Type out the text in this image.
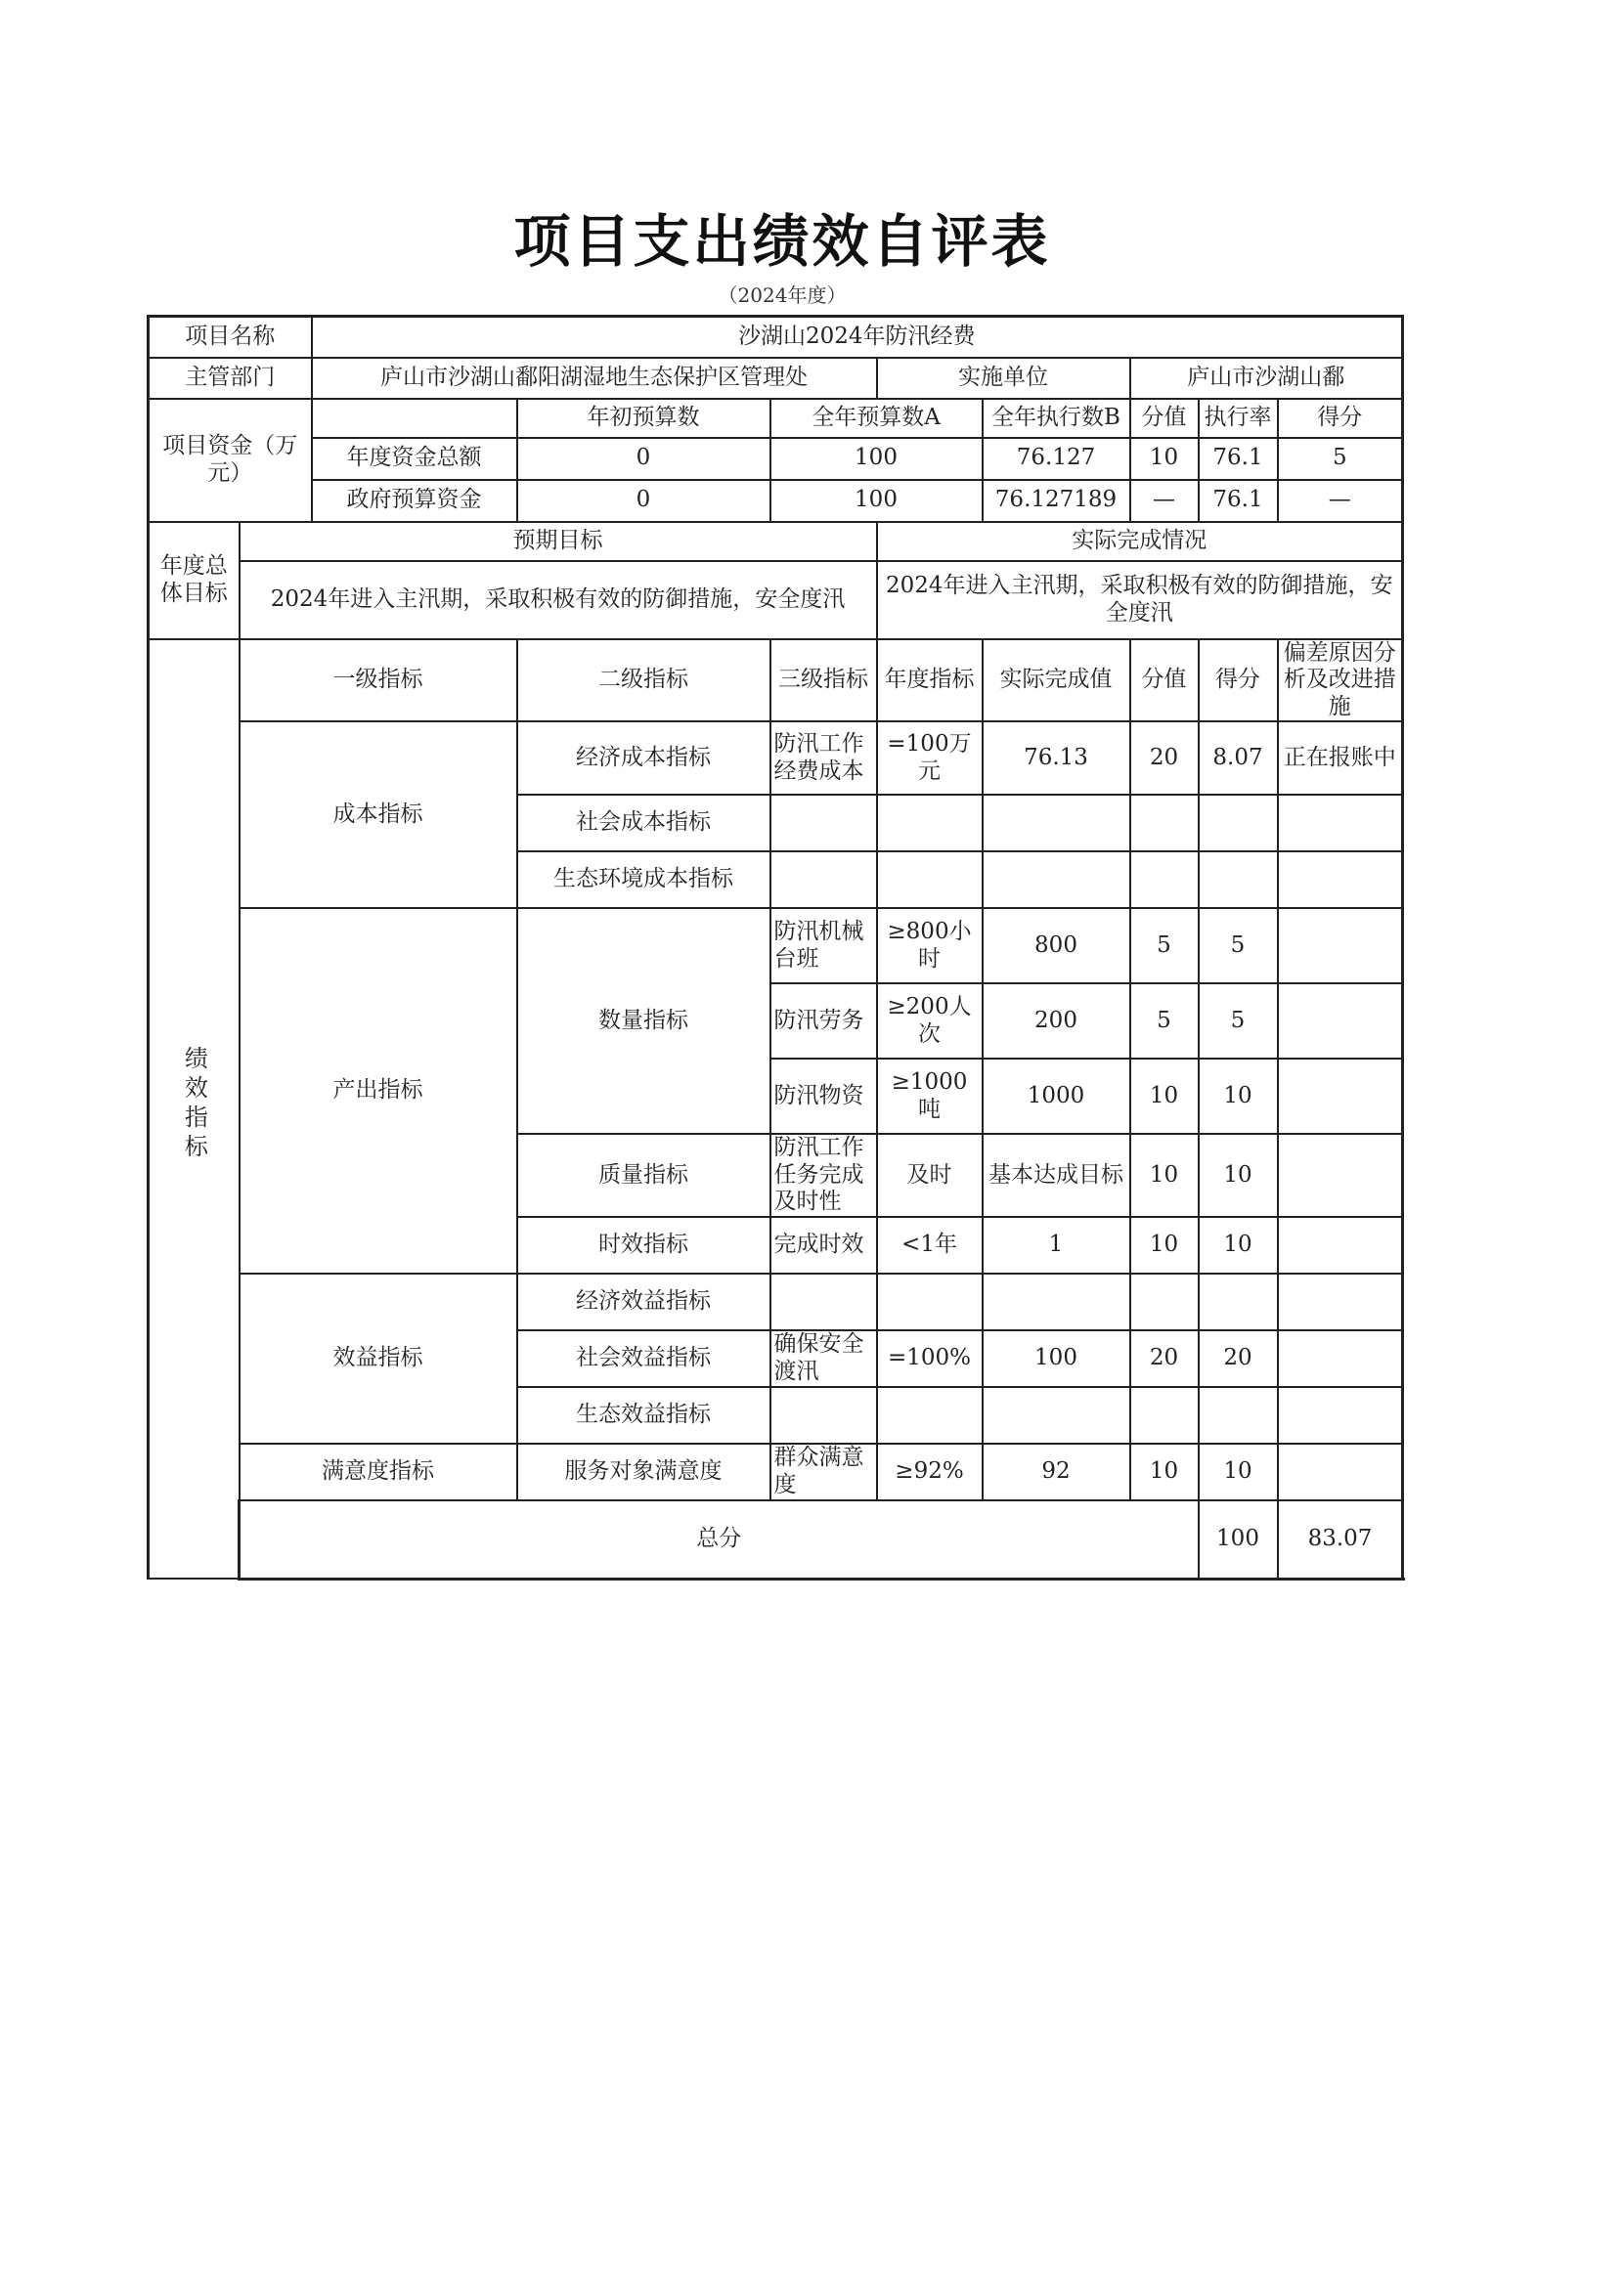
项目支出绩效自评表
（2024年度）
项目名称		沙湖山2024年防汛经费								
主管部门		庐山市沙湖山鄱阳湖湿地生态保护区管理处			实施单位		庐山市沙湖山鄱			
项目资金（万元）			年初预算数	全年预算数A		全年执行数B	分值	执行率	得分	
		年度资金总额	0	100		76.127	10	76.1	5	
		政府预算资金	0	100		76.127189	—	76.1	—	
年度总体目标	预期目标				实际完成情况					
	2024年进入主汛期，采取积极有效的防御措施，安全度汛				2024年进入主汛期，采取积极有效的防御措施，安全度汛					
绩效指标	一级指标		二级指标	三级指标	年度指标	实际完成值	分值	得分	偏差原因分析及改进措施	
	成本指标		经济成本指标	防汛工作经费成本	=100万元	76.13	20	8.07	正在报账中	
			社会成本指标							
			生态环境成本指标							
	产出指标		数量指标	防汛机械台班	≥800小时	800	5	5		
				防汛劳务	≥200人次	200	5	5		
				防汛物资	≥1000吨	1000	10	10		
			质量指标	防汛工作任务完成及时性	及时	基本达成目标	10	10		
			时效指标	完成时效	<1年	1	10	10		
	效益指标		经济效益指标							
			社会效益指标	确保安全渡汛	=100%	100	20	20		
			生态效益指标							
	满意度指标		服务对象满意度	群众满意度	≥92%	92	10	10		
	总分							100	83.07	
